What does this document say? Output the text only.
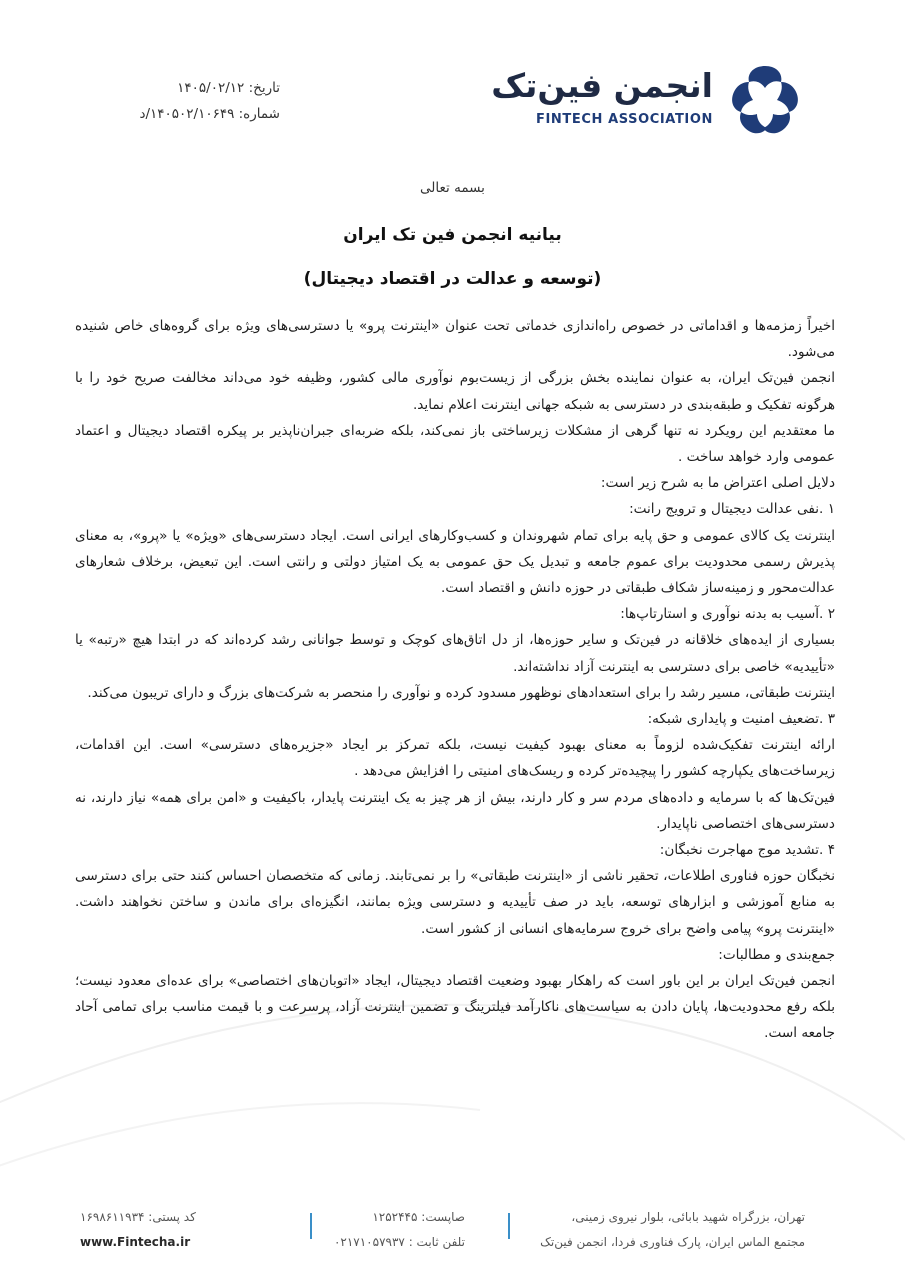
انجمن فین‌تک
FINTECH ASSOCIATION
تاریخ: ۱۴۰۵/۰۲/۱۲
شماره: ۱۴۰۵۰۲/۱۰۶۴۹/د
بسمه تعالی
بیانیه انجمن فین تک ایران
(توسعه و عدالت در اقتصاد دیجیتال)

اخیراً زمزمه‌ها و اقداماتی در خصوص راه‌اندازی خدماتی تحت عنوان «اینترنت پرو» یا دسترسی‌های ویژه برای گروه‌های خاص شنیده می‌شود.

انجمن فین‌تک ایران، به عنوان نماینده بخش بزرگی از زیست‌بوم نوآوری مالی کشور، وظیفه خود می‌داند مخالفت صریح خود را با هرگونه تفکیک و طبقه‌بندی در دسترسی به شبکه جهانی اینترنت اعلام نماید.

ما معتقدیم این رویکرد نه تنها گرهی از مشکلات زیرساختی باز نمی‌کند، بلکه ضربه‌ای جبران‌ناپذیر بر پیکره اقتصاد دیجیتال و اعتماد عمومی وارد خواهد ساخت .

دلایل اصلی اعتراض ما به شرح زیر است:

۱ .نفی عدالت دیجیتال و ترویج رانت:

اینترنت یک کالای عمومی و حق پایه برای تمام شهروندان و کسب‌وکارهای ایرانی است. ایجاد دسترسی‌های «ویژه» یا «پرو»، به معنای پذیرش رسمی محدودیت برای عموم جامعه و تبدیل یک حق عمومی به یک امتیاز دولتی و رانتی است. این تبعیض، برخلاف شعارهای عدالت‌محور و زمینه‌ساز شکاف طبقاتی در حوزه دانش و اقتصاد است.

۲ .آسیب به بدنه نوآوری و استارتاپ‌ها:

بسیاری از ایده‌های خلاقانه در فین‌تک و سایر حوزه‌ها، از دل اتاق‌های کوچک و توسط جوانانی رشد کرده‌اند که در ابتدا هیچ «رتبه» یا «تأییدیه» خاصی برای دسترسی به اینترنت آزاد نداشته‌اند.

اینترنت طبقاتی، مسیر رشد را برای استعدادهای نوظهور مسدود کرده و نوآوری را منحصر به شرکت‌های بزرگ و دارای تریبون می‌کند.

۳ .تضعیف امنیت و پایداری شبکه:

ارائه اینترنت تفکیک‌شده لزوماً به معنای بهبود کیفیت نیست، بلکه تمرکز بر ایجاد «جزیره‌های دسترسی» است. این اقدامات، زیرساخت‌های یکپارچه کشور را پیچیده‌تر کرده و ریسک‌های امنیتی را افزایش می‌دهد .

فین‌تک‌ها که با سرمایه و داده‌های مردم سر و کار دارند، بیش از هر چیز به یک اینترنت پایدار، باکیفیت و «امن برای همه» نیاز دارند، نه دسترسی‌های اختصاصی ناپایدار.

۴ .تشدید موج مهاجرت نخبگان:

نخبگان حوزه فناوری اطلاعات، تحقیر ناشی از «اینترنت طبقاتی» را بر نمی‌تابند. زمانی که متخصصان احساس کنند حتی برای دسترسی به منابع آموزشی و ابزارهای توسعه، باید در صف تأییدیه و دسترسی ویژه بمانند، انگیزه‌ای برای ماندن و ساختن نخواهند داشت. «اینترنت پرو» پیامی واضح برای خروج سرمایه‌های انسانی از کشور است.

جمع‌بندی و مطالبات:

انجمن فین‌تک ایران بر این باور است که راهکار بهبود وضعیت اقتصاد دیجیتال، ایجاد «اتوبان‌های اختصاصی» برای عده‌ای معدود نیست؛ بلکه رفع محدودیت‌ها، پایان دادن به سیاست‌های ناکارآمد فیلترینگ و تضمین اینترنت آزاد، پرسرعت و با قیمت مناسب برای تمامی آحاد جامعه است.

تهران، بزرگراه شهید بابائی، بلوار نیروی زمینی،
مجتمع الماس ایران، پارک فناوری فردا، انجمن فین‌تک
صاپست: ۱۲۵۲۴۴۵
تلفن ثابت : ۰۲۱۷۱۰۵۷۹۳۷
کد پستی: ۱۶۹۸۶۱۱۹۳۴
www.Fintecha.ir
